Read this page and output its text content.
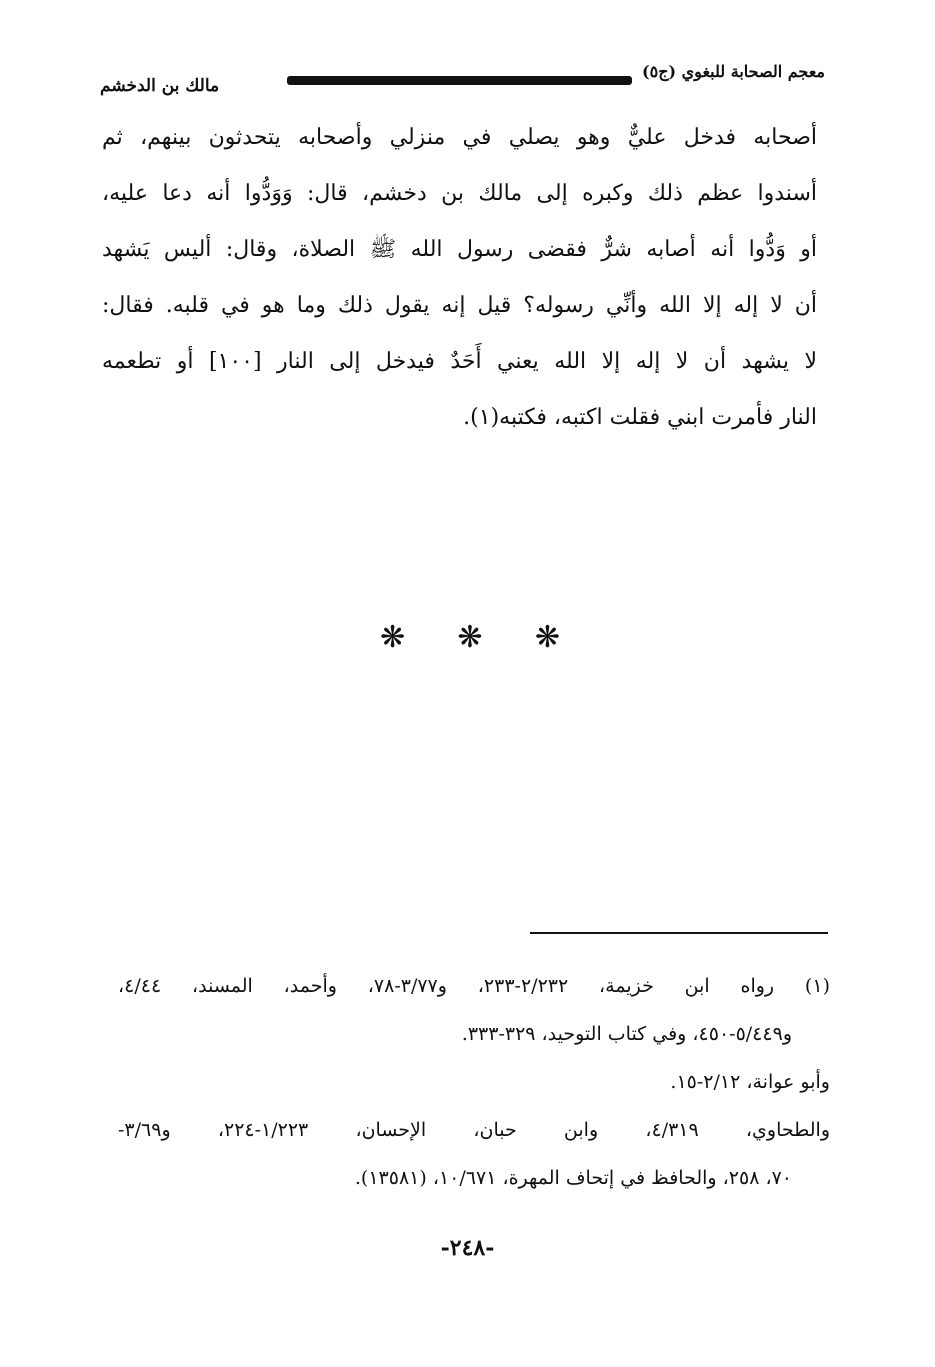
مالك بن الدخشم
معجم الصحابة للبغوي (ج٥)
أصحابه فدخل عليٌّ وهو يصلي في منزلي وأصحابه يتحدثون بينهم، ثم
أسندوا عظم ذلك وكبره إلى مالك بن دخشم، قال: وَوَدُّوا أنه دعا عليه،
أو وَدُّوا أنه أصابه شرٌّ فقضى رسول الله ﷺ الصلاة، وقال: أليس يَشهد
أن لا إله إلا الله وأنِّي رسوله؟ قيل إنه يقول ذلك وما هو في قلبه. فقال:
لا يشهد أن لا إله إلا الله يعني أَحَدٌ فيدخل إلى النار [١٠٠] أو تطعمه
النار فأمرت ابني فقلت اكتبه، فكتبه(١).
❋ ❋ ❋
(١) رواه ابن خزيمة، ٢/٢٣٢-٢٣٣، و٣/٧٧-٧٨، وأحمد، المسند، ٤/٤٤،
و٥/٤٤٩-٤٥٠، وفي كتاب التوحيد، ٣٢٩-٣٣٣.
وأبو عوانة، ٢/١٢-١٥.
والطحاوي، ٤/٣١٩، وابن حبان، الإحسان، ١/٢٢٣-٢٢٤، و٣/٦٩-
٧٠، ٢٥٨، والحافظ في إتحاف المهرة، ١٠/٦٧١، (١٣٥٨١).
-٢٤٨-
